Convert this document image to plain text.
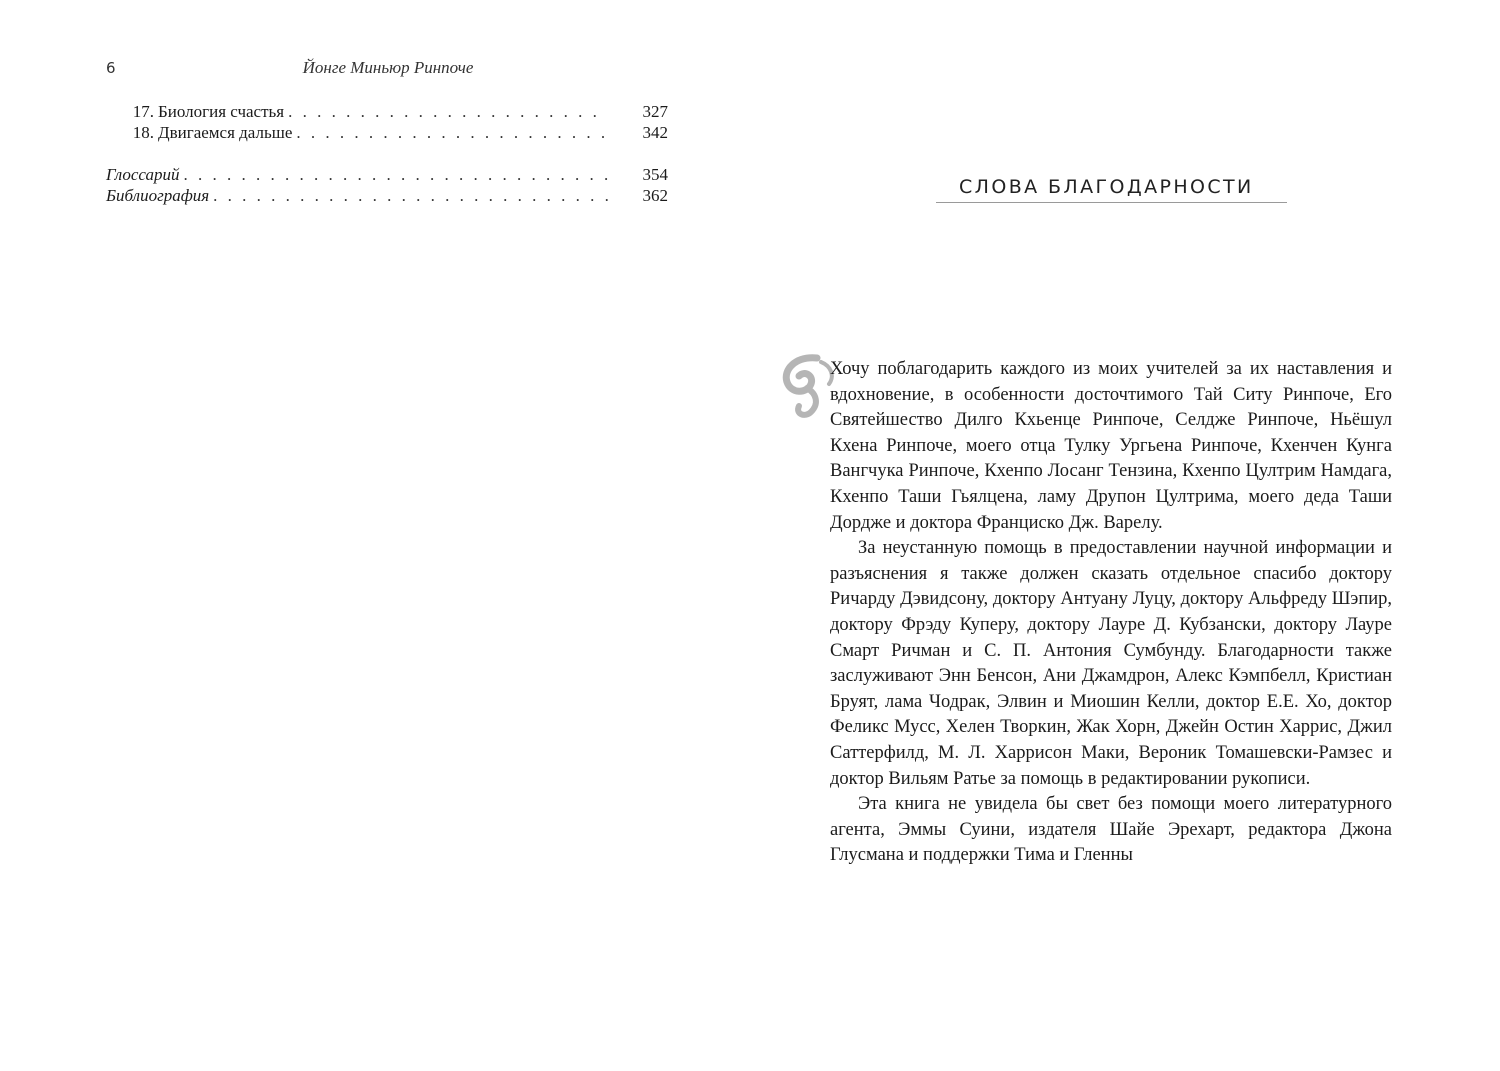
6	Йонге Миньюр Ринпоче
17. Биология счастья . . .	327
18. Двигаемся дальше . . .	342
Глоссарий . . .	354
Библиография . . .	362	СЛОВА БЛАГОДАРНОСТИ

Хочу поблагодарить каждого из моих учителей за их наставления и вдохновение, в особенности досточтимого Тай Ситу Ринпоче, Его Святейшество Дилго Кхьенце Ринпоче, Селдже Ринпоче, Ньёшул Кхена Ринпоче, моего отца Тулку Ургьена Ринпоче, Кхенчен Кунга Вангчука Ринпоче, Кхенпо Лосанг Тензина, Кхенпо Цултрим Намдага, Кхенпо Таши Гьялцена, ламу Друпон Цултрима, моего деда Таши Дордже и доктора Франциско Дж. Варелу.

За неустанную помощь в предоставлении научной информации и разъяснения я также должен сказать отдельное спасибо доктору Ричарду Дэвидсону, доктору Антуану Луцу, доктору Альфреду Шэпир, доктору Фрэду Куперу, доктору Лауре Д. Кубзански, доктору Лауре Смарт Ричман и С. П. Антония Сумбунду. Благодарности также заслуживают Энн Бенсон, Ани Джамдрон, Алекс Кэмпбелл, Кристиан Бруят, лама Чодрак, Элвин и Миошин Келли, доктор Е.Е. Хо, доктор Феликс Мусс, Хелен Творкин, Жак Хорн, Джейн Остин Харрис, Джил Саттерфилд, М. Л. Харрисон Маки, Вероник Томашевски-Рамзес и доктор Вильям Ратье за помощь в редактировании рукописи.

Эта книга не увидела бы свет без помощи моего литературного агента, Эммы Суини, издателя Шайе Эрехарт, редактора Джона Глусмана и поддержки Тима и Гленны
